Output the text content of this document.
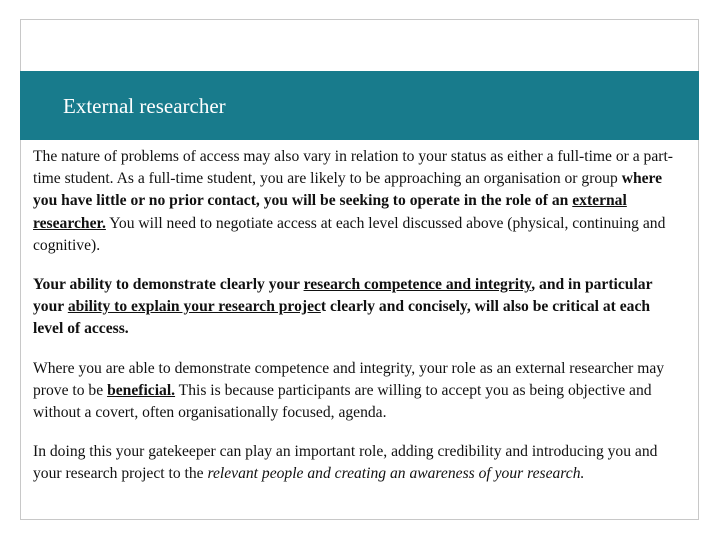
External researcher

The nature of problems of access may also vary in relation to your status as either a full-time or a part-time student. As a full-time student, you are likely to be approaching an organisation or group where you have little or no prior contact, you will be seeking to operate in the role of an external researcher. You will need to negotiate access at each level discussed above (physical, continuing and cognitive).

Your ability to demonstrate clearly your research competence and integrity, and in particular your ability to explain your research project clearly and concisely, will also be critical at each level of access.

Where you are able to demonstrate competence and integrity, your role as an external researcher may prove to be beneficial. This is because participants are willing to accept you as being objective and without a covert, often organisationally focused, agenda.

In doing this your gatekeeper can play an important role, adding credibility and introducing you and your research project to the relevant people and creating an awareness of your research.
